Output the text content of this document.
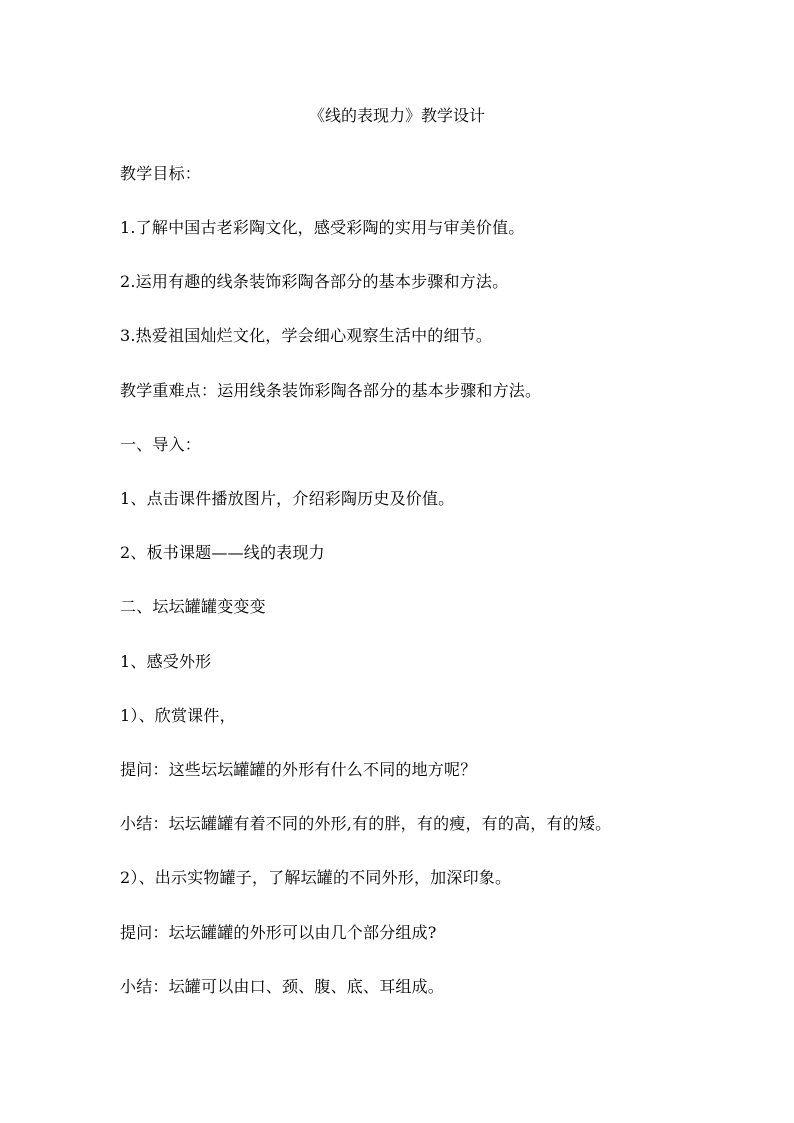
《线的表现力》教学设计
教学目标：
1.了解中国古老彩陶文化，感受彩陶的实用与审美价值。
2.运用有趣的线条装饰彩陶各部分的基本步骤和方法。
3.热爱祖国灿烂文化，学会细心观察生活中的细节。
教学重难点：运用线条装饰彩陶各部分的基本步骤和方法。
一、导入：
1、点击课件播放图片，介绍彩陶历史及价值。
2、板书课题——线的表现力
二、坛坛罐罐变变变
1、感受外形
1）、欣赏课件，
提问：这些坛坛罐罐的外形有什么不同的地方呢？
小结：坛坛罐罐有着不同的外形,有的胖，有的瘦，有的高，有的矮。
2）、出示实物罐子，了解坛罐的不同外形，加深印象。
提问：坛坛罐罐的外形可以由几个部分组成?
小结：坛罐可以由口、颈、腹、底、耳组成。
